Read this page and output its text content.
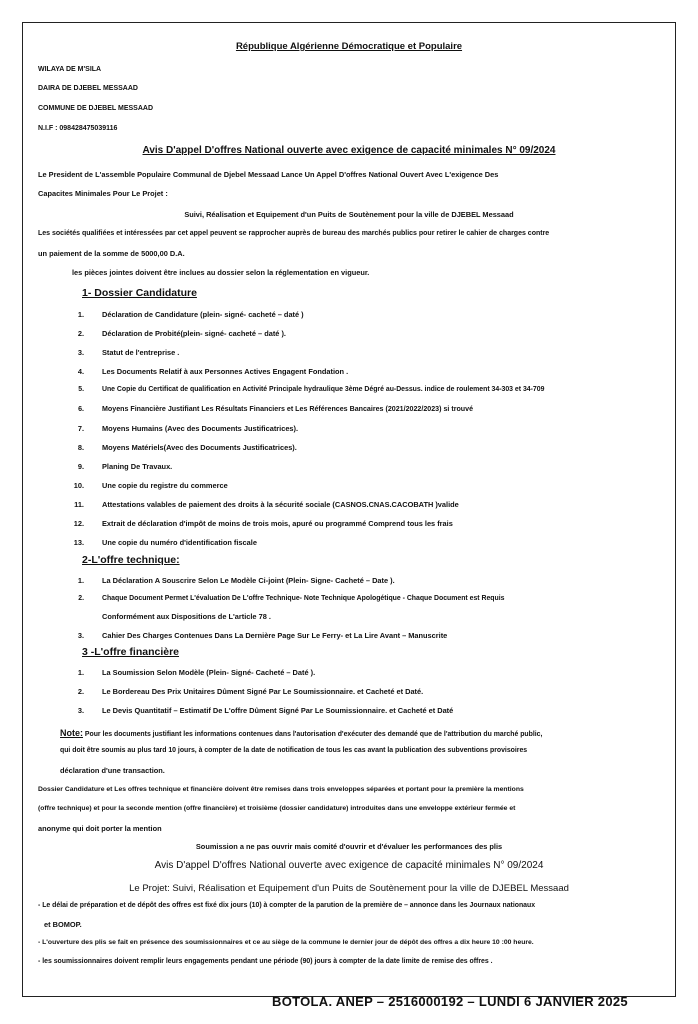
République Algérienne Démocratique et Populaire
WILAYA DE M'SILA
DAIRA DE DJEBEL MESSAAD
COMMUNE DE DJEBEL MESSAAD
N.I.F : 098428475039116
Avis D'appel D'offres National ouverte avec exigence de capacité minimales N° 09/2024
Le President de L'assemble Populaire Communal de Djebel Messaad Lance Un Appel D'offres National Ouvert Avec L'exigence Des
Capacites Minimales Pour Le Projet :
Suivi, Réalisation et Equipement d'un Puits de Soutènement pour la ville de DJEBEL Messaad
Les sociétés qualifiées et intéressées par cet appel peuvent se rapprocher auprès de bureau des marchés publics pour retirer le cahier de charges contre
un paiement de la somme de 5000,00 D.A.
les pièces jointes doivent être inclues au dossier selon la réglementation en vigueur.
1- Dossier Candidature
1. Déclaration de Candidature (plein- signé- cacheté – daté )
2. Déclaration de Probité(plein- signé- cacheté – daté ).
3. Statut de l'entreprise .
4. Les Documents Relatif à aux Personnes Actives Engagent Fondation .
5.	Une Copie du Certificat de qualification en Activité Principale hydraulique 3ème Dégré au-Dessus. indice de roulement 34-303 et 34-709
6.	Moyens Financière Justifiant Les Résultats Financiers et Les Références Bancaires (2021/2022/2023) si trouvé
7. Moyens Humains (Avec des Documents Justificatrices).
8. Moyens Matériels(Avec des Documents Justificatrices).
9. Planing De Travaux.
10. Une copie du registre du commerce
11. Attestations valables de paiement des droits à la sécurité sociale (CASNOS.CNAS.CACOBATH )valide
12. Extrait de déclaration d'impôt de moins de trois mois, apuré ou programmé Comprend tous les frais
13. Une copie du numéro d'identification fiscale
2-L'offre technique:
1. La Déclaration A Souscrire Selon Le Modèle Ci-joint (Plein- Signe- Cacheté – Date ).
2.	Chaque Document Permet L'évaluation De L'offre Technique- Note Technique Apologétique - Chaque Document est Requis
Conformément aux Dispositions de L'article 78 .
3. Cahier Des Charges Contenues Dans La Dernière Page Sur Le Ferry- et La Lire Avant – Manuscrite
3 -L'offre financière
1. La Soumission Selon Modèle (Plein- Signé- Cacheté – Daté ).
2. Le Bordereau Des Prix Unitaires Dûment Signé Par Le Soumissionnaire. et Cacheté et Daté.
3. Le Devis Quantitatif – Estimatif De L'offre Dûment Signé Par Le Soumissionnaire. et Cacheté et Daté
Note: Pour les documents justifiant les informations contenues dans l'autorisation d'exécuter des demandé que de l'attribution du marché public,
qui doit être soumis au plus tard 10 jours, à compter de la date de notification de tous les cas avant la publication des subventions provisoires
déclaration d'une transaction.
Dossier Candidature et Les offres technique et financière doivent être remises dans trois enveloppes séparées et portant pour la première la mentions
(offre technique) et pour la seconde mention (offre financière) et troisième (dossier candidature) introduites dans une enveloppe extérieur fermée et
anonyme qui doit porter la mention
Soumission a ne pas ouvrir mais comité d'ouvrir et d'évaluer les performances des plis
Avis D'appel D'offres National ouverte avec exigence de capacité minimales N° 09/2024
Le Projet: Suivi, Réalisation et Equipement d'un Puits de Soutènement pour la ville de DJEBEL Messaad
- Le délai de préparation et de dépôt des offres est fixé dix jours (10) à compter de la parution de la première de – annonce dans les Journaux nationaux
et BOMOP.
- L'ouverture des plis se fait en présence des soumissionnaires et ce au siège de la commune le dernier jour de dépôt des offres a dix heure 10 :00 heure.
- les soumissionnaires doivent remplir leurs engagements pendant une période (90) jours à compter de la date limite de remise des offres .
BOTOLA. ANEP – 2516000192 – LUNDI 6 JANVIER 2025
